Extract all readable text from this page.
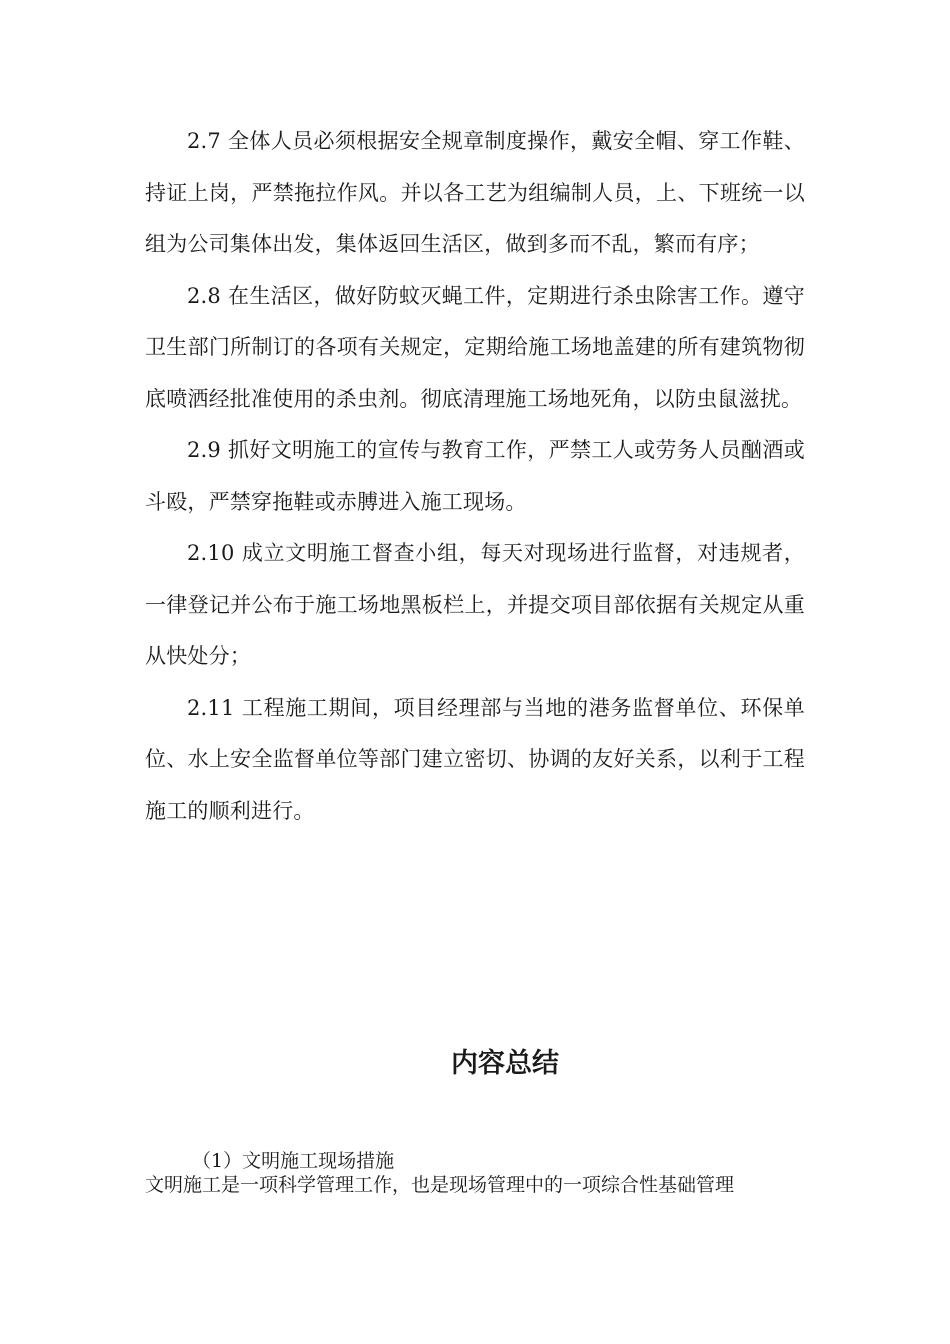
2.7 全体人员必须根据安全规章制度操作，戴安全帽、穿工作鞋、持证上岗，严禁拖拉作风。并以各工艺为组编制人员，上、下班统一以组为公司集体出发，集体返回生活区，做到多而不乱，繁而有序；

2.8 在生活区，做好防蚊灭蝇工件，定期进行杀虫除害工作。遵守卫生部门所制订的各项有关规定，定期给施工场地盖建的所有建筑物彻底喷洒经批准使用的杀虫剂。彻底清理施工场地死角，以防虫鼠滋扰。

2.9 抓好文明施工的宣传与教育工作，严禁工人或劳务人员酗酒或斗殴，严禁穿拖鞋或赤膊进入施工现场。

2.10 成立文明施工督查小组，每天对现场进行监督，对违规者，一律登记并公布于施工场地黑板栏上，并提交项目部依据有关规定从重从快处分；

2.11 工程施工期间，项目经理部与当地的港务监督单位、环保单位、水上安全监督单位等部门建立密切、协调的友好关系，以利于工程施工的顺利进行。

内容总结

（1）文明施工现场措施

文明施工是一项科学管理工作，也是现场管理中的一项综合性基础管理
